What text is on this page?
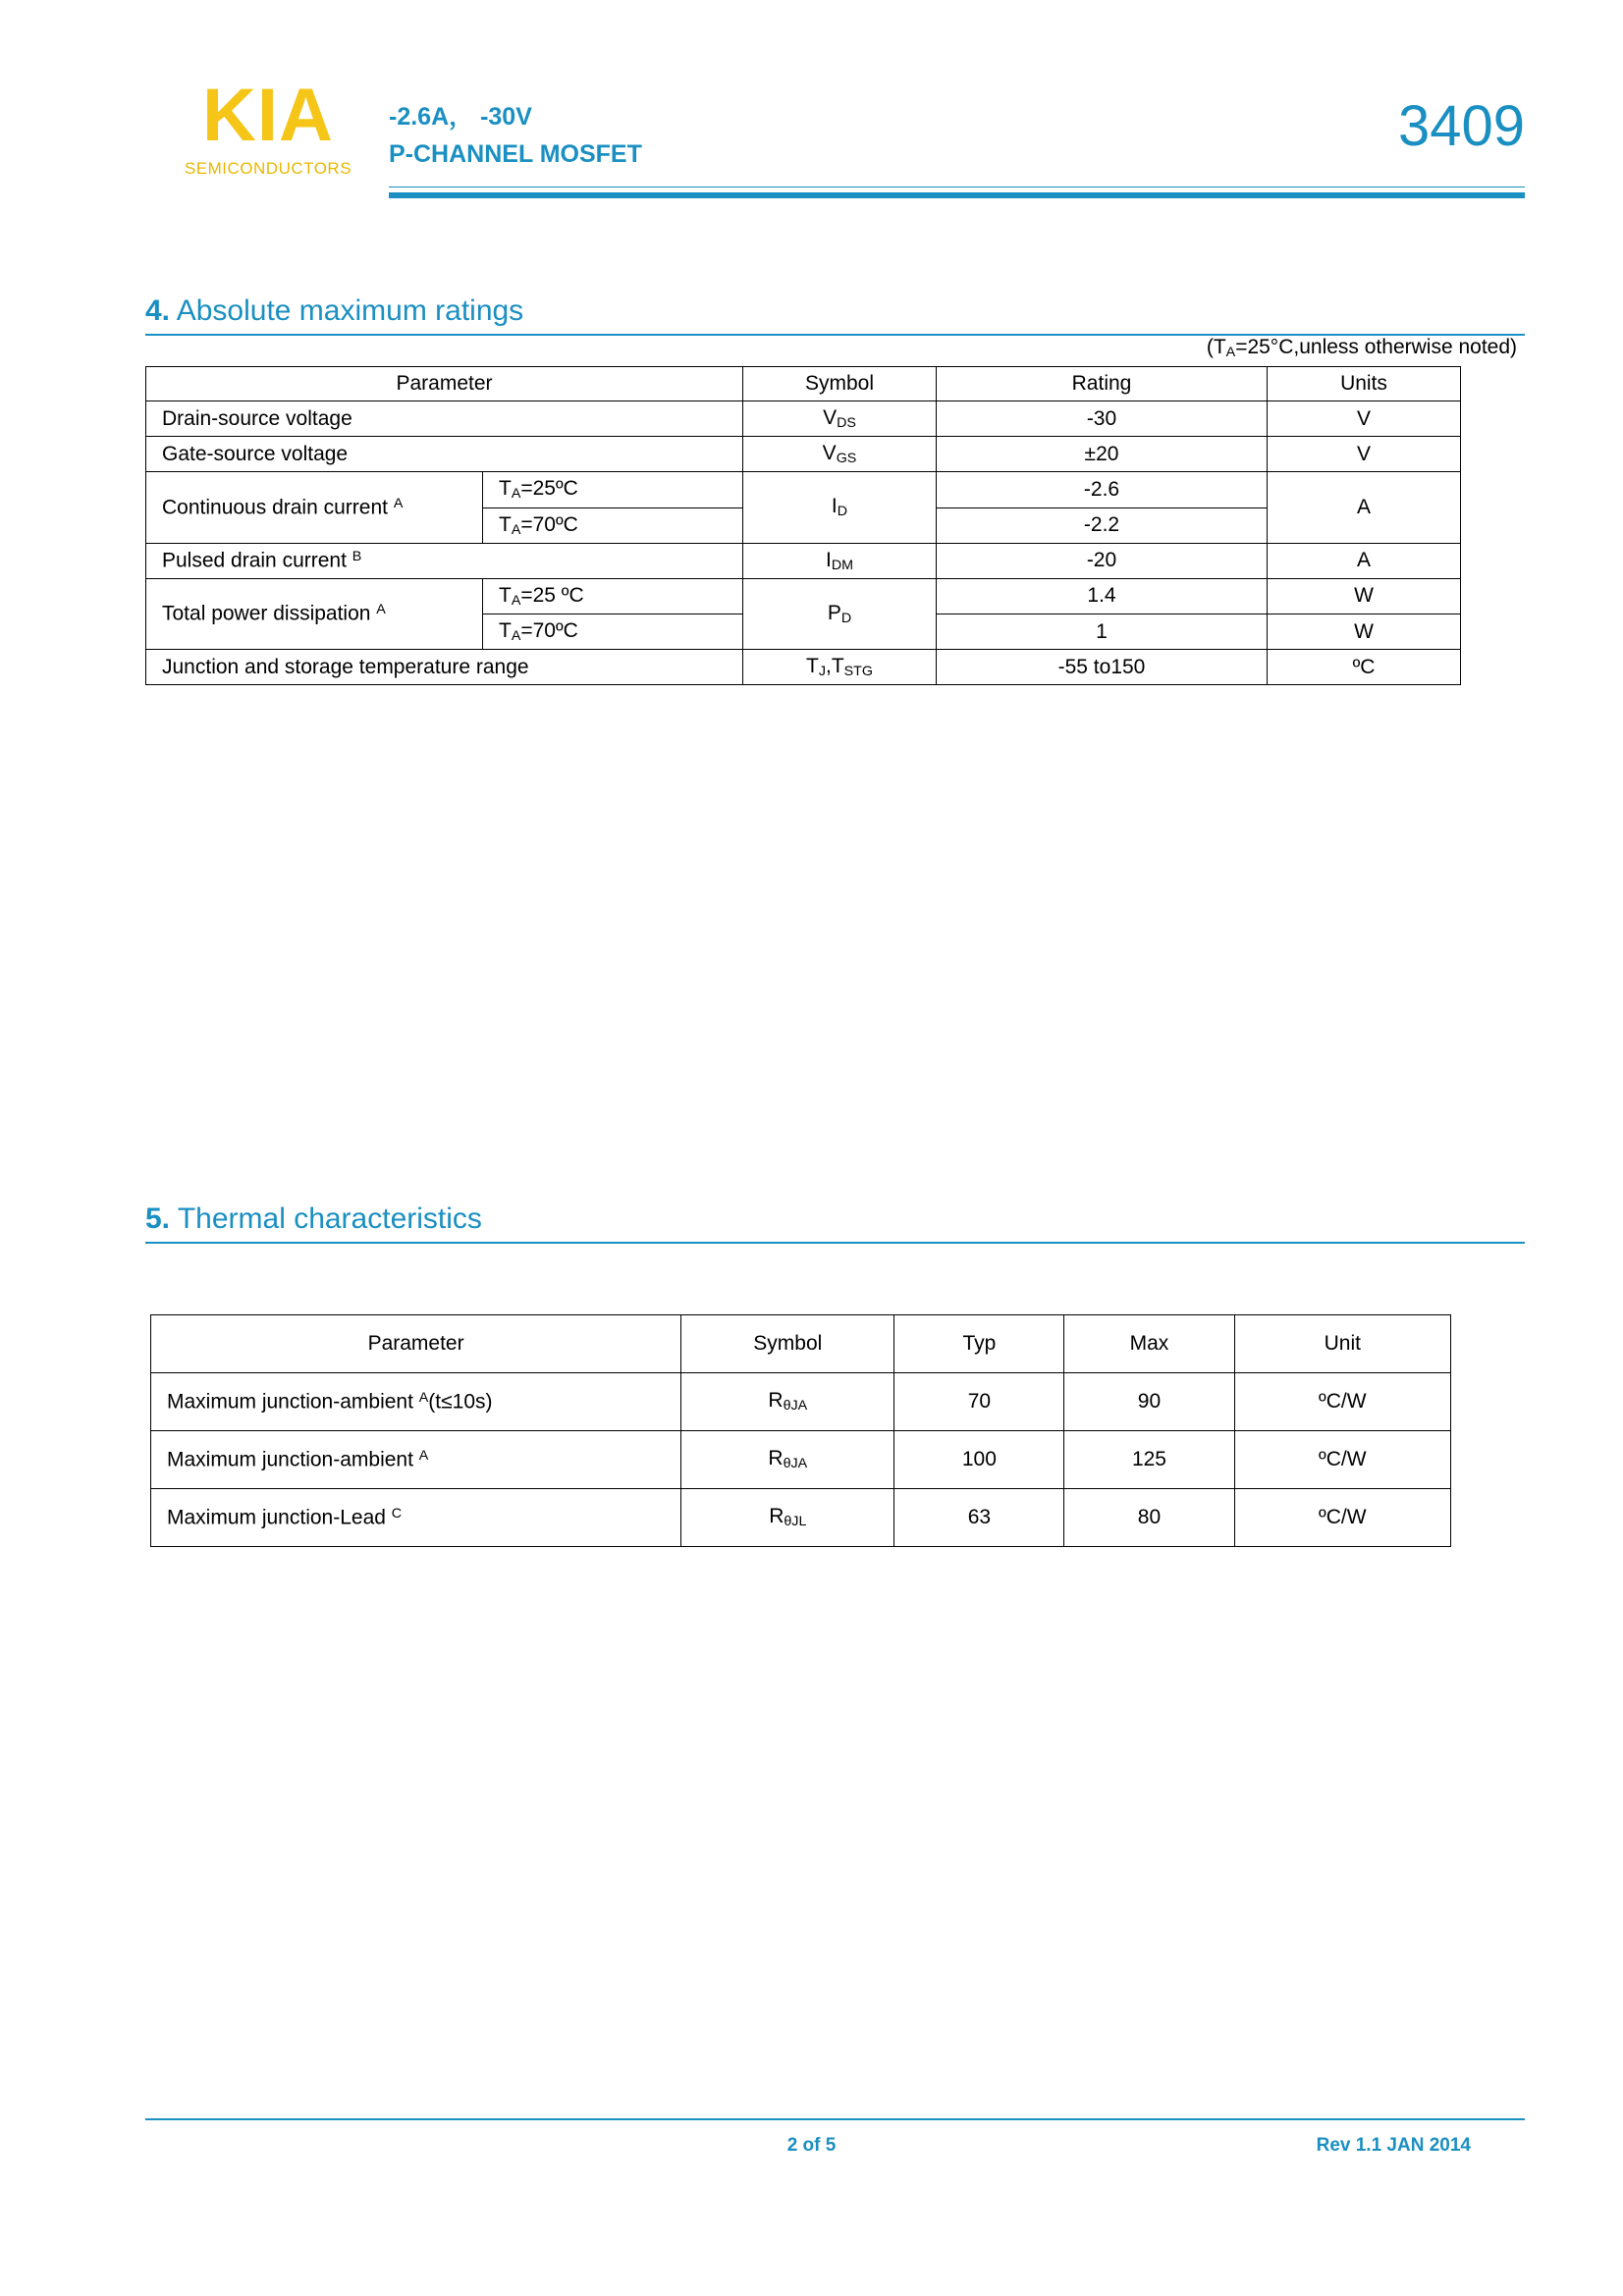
KIA
SEMICONDUCTORS
-2.6A， -30V
P-CHANNEL MOSFET	3409
4. Absolute maximum ratings
($T_A=25^\circ C,unless$ otherwise noted)
Parameter		Symbol	Rating	Units
Drain-source voltage		$V_{DS}$	-30	V
Gate-source voltage		$V_{GS}$	±20	V
Continuous drain current $^A$	$T_A=25ºC$	$I_D$	-2.6	A
	$T_A=70ºC$		-2.2	
Pulsed drain current $^B$		$I_{DM}$	-20	A
Total power dissipation $^A$	$T_A=25$ ºC	$P_D$	1.4	W
	$T_A=70ºC$		1	W
Junction and storage temperature range		$T_J,T_{STG}$	-55 to150	ºC
5. Thermal characteristics
Parameter	Symbol	Typ	Max	Unit
Maximum junction-ambient $^A$(t≤10s)	$R_{\theta JA}$	70	90	ºC/W
Maximum junction-ambient $^A$	$R_{\theta JA}$	100	125	ºC/W
Maximum junction-Lead $^C$	$R_{\theta JL}$	63	80	ºC/W
2 of 5	Rev 1.1 JAN 2014
